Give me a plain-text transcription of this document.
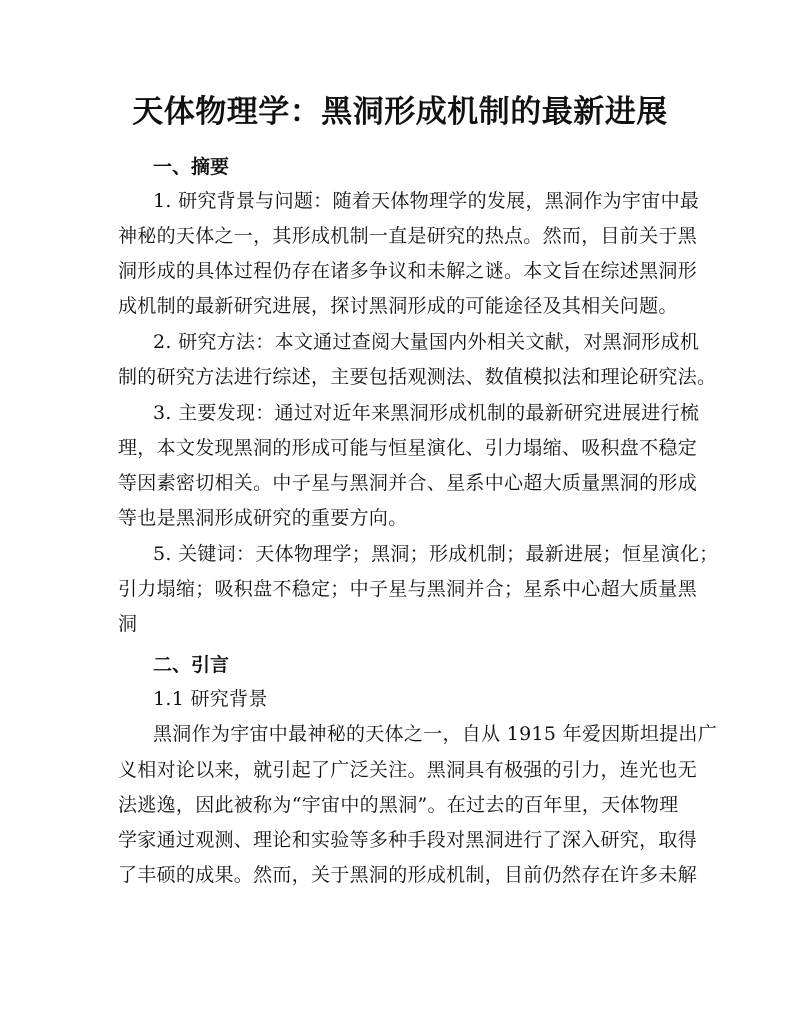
天体物理学：黑洞形成机制的最新进展
一、摘要
1. 研究背景与问题：随着天体物理学的发展，黑洞作为宇宙中最
神秘的天体之一，其形成机制一直是研究的热点。然而，目前关于黑
洞形成的具体过程仍存在诸多争议和未解之谜。本文旨在综述黑洞形
成机制的最新研究进展，探讨黑洞形成的可能途径及其相关问题。
2. 研究方法：本文通过查阅大量国内外相关文献，对黑洞形成机
制的研究方法进行综述，主要包括观测法、数值模拟法和理论研究法。
3. 主要发现：通过对近年来黑洞形成机制的最新研究进展进行梳
理，本文发现黑洞的形成可能与恒星演化、引力塌缩、吸积盘不稳定
等因素密切相关。中子星与黑洞并合、星系中心超大质量黑洞的形成
等也是黑洞形成研究的重要方向。
5. 关键词：天体物理学；黑洞；形成机制；最新进展；恒星演化；
引力塌缩；吸积盘不稳定；中子星与黑洞并合；星系中心超大质量黑
洞
二、引言
1.1 研究背景
黑洞作为宇宙中最神秘的天体之一，自从 1915 年爱因斯坦提出广
义相对论以来，就引起了广泛关注。黑洞具有极强的引力，连光也无
法逃逸，因此被称为“宇宙中的黑洞”。在过去的百年里，天体物理
学家通过观测、理论和实验等多种手段对黑洞进行了深入研究，取得
了丰硕的成果。然而，关于黑洞的形成机制，目前仍然存在许多未解
